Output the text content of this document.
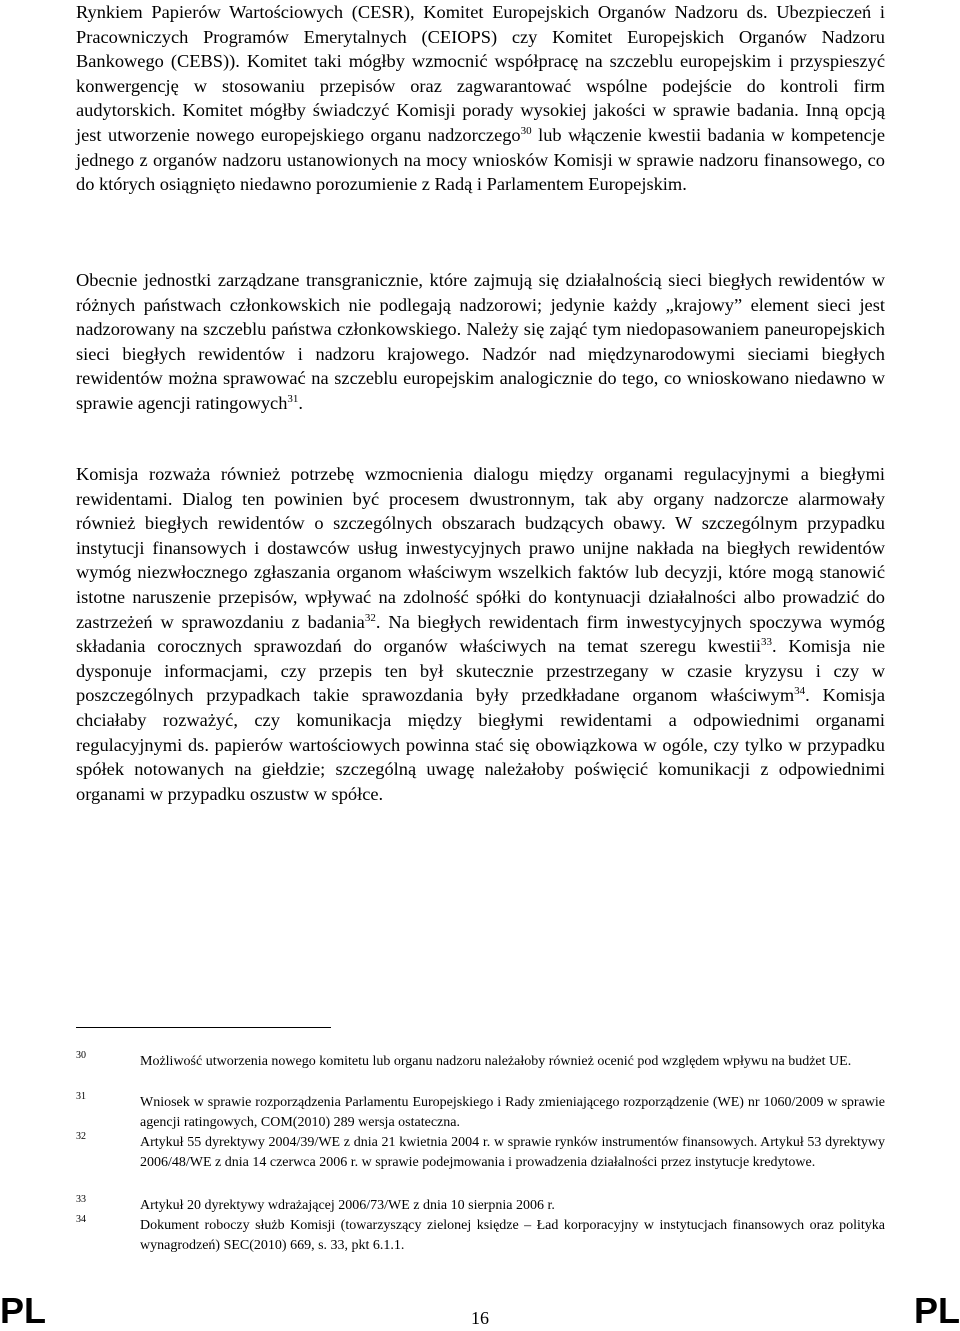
Rynkiem Papierów Wartościowych (CESR), Komitet Europejskich Organów Nadzoru ds. Ubezpieczeń i Pracowniczych Programów Emerytalnych (CEIOPS) czy Komitet Europejskich Organów Nadzoru Bankowego (CEBS)). Komitet taki mógłby wzmocnić współpracę na szczeblu europejskim i przyspieszyć konwergencję w stosowaniu przepisów oraz zagwarantować wspólne podejście do kontroli firm audytorskich. Komitet mógłby świadczyć Komisji porady wysokiej jakości w sprawie badania. Inną opcją jest utworzenie nowego europejskiego organu nadzorczego$^{30}$ lub włączenie kwestii badania w kompetencje jednego z organów nadzoru ustanowionych na mocy wniosków Komisji w sprawie nadzoru finansowego, co do których osiągnięto niedawno porozumienie z Radą i Parlamentem Europejskim.
Obecnie jednostki zarządzane transgranicznie, które zajmują się działalnością sieci biegłych rewidentów w różnych państwach członkowskich nie podlegają nadzorowi; jedynie każdy „krajowy” element sieci jest nadzorowany na szczeblu państwa członkowskiego. Należy się zająć tym niedopasowaniem paneuropejskich sieci biegłych rewidentów i nadzoru krajowego. Nadzór nad międzynarodowymi sieciami biegłych rewidentów można sprawować na szczeblu europejskim analogicznie do tego, co wnioskowano niedawno w sprawie agencji ratingowych$^{31}$.
Komisja rozważa również potrzebę wzmocnienia dialogu między organami regulacyjnymi a biegłymi rewidentami. Dialog ten powinien być procesem dwustronnym, tak aby organy nadzorcze alarmowały również biegłych rewidentów o szczególnych obszarach budzących obawy. W szczególnym przypadku instytucji finansowych i dostawców usług inwestycyjnych prawo unijne nakłada na biegłych rewidentów wymóg niezwłocznego zgłaszania organom właściwym wszelkich faktów lub decyzji, które mogą stanowić istotne naruszenie przepisów, wpływać na zdolność spółki do kontynuacji działalności albo prowadzić do zastrzeżeń w sprawozdaniu z badania$^{32}$. Na biegłych rewidentach firm inwestycyjnych spoczywa wymóg składania corocznych sprawozdań do organów właściwych na temat szeregu kwestii$^{33}$. Komisja nie dysponuje informacjami, czy przepis ten był skutecznie przestrzegany w czasie kryzysu i czy w poszczególnych przypadkach takie sprawozdania były przedkładane organom właściwym$^{34}$. Komisja chciałaby rozważyć, czy komunikacja między biegłymi rewidentami a odpowiednimi organami regulacyjnymi ds. papierów wartościowych powinna stać się obowiązkowa w ogóle, czy tylko w przypadku spółek notowanych na giełdzie; szczególną uwagę należałoby poświęcić komunikacji z odpowiednimi organami w przypadku oszustw w spółce.
30	Możliwość utworzenia nowego komitetu lub organu nadzoru należałoby również ocenić pod względem wpływu na budżet UE.
31	Wniosek w sprawie rozporządzenia Parlamentu Europejskiego i Rady zmieniającego rozporządzenie (WE) nr 1060/2009 w sprawie agencji ratingowych, COM(2010) 289 wersja ostateczna.
32	Artykuł 55 dyrektywy 2004/39/WE z dnia 21 kwietnia 2004 r. w sprawie rynków instrumentów finansowych. Artykuł 53 dyrektywy 2006/48/WE z dnia 14 czerwca 2006 r. w sprawie podejmowania i prowadzenia działalności przez instytucje kredytowe.
33	Artykuł 20 dyrektywy wdrażającej 2006/73/WE z dnia 10 sierpnia 2006 r.
34	Dokument roboczy służb Komisji (towarzyszący zielonej księdze – Ład korporacyjny w instytucjach finansowych oraz polityka wynagrodzeń) SEC(2010) 669, s. 33, pkt 6.1.1.
PL	16	PL
